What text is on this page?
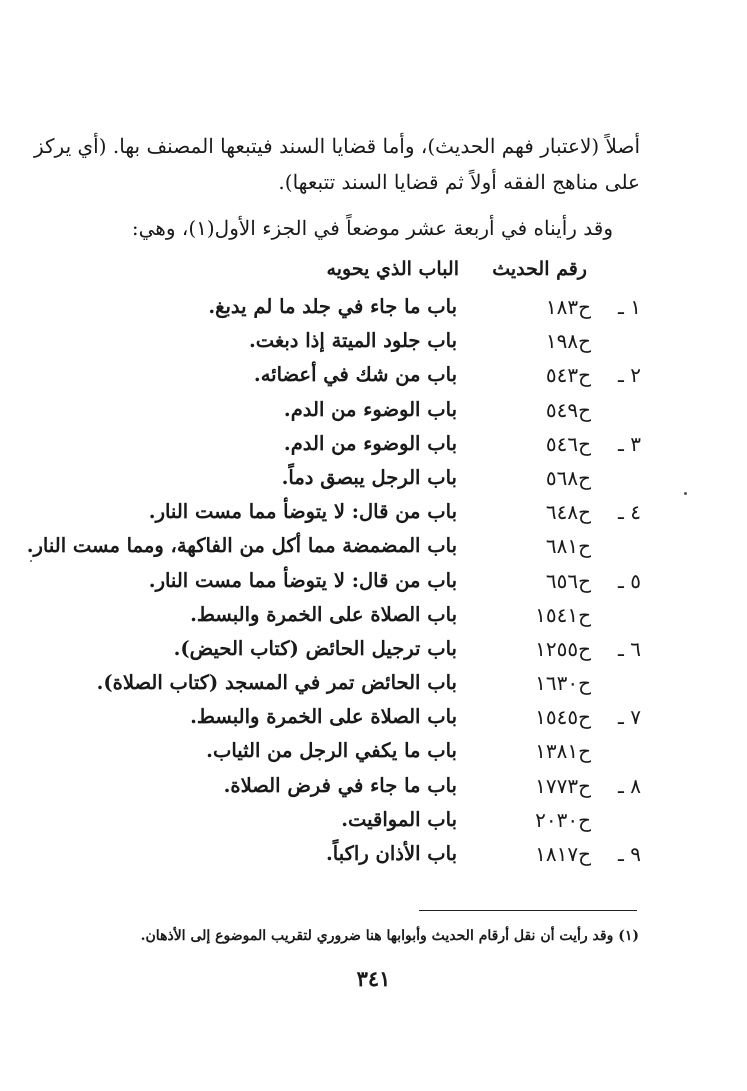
أصلاً (لاعتبار فهم الحديث)، وأما قضايا السند فيتبعها المصنف بها. (أي يركز
على مناهج الفقه أولاً ثم قضايا السند تتبعها).
وقد رأيناه في أربعة عشر موضعاً في الجزء الأول(١)، وهي:
رقم الحديث
الباب الذي يحويه
١ ـ
ح١٨٣
باب ما جاء في جلد ما لم يدبغ.
ح١٩٨
باب جلود الميتة إذا دبغت.
٢ ـ
ح٥٤٣
باب من شك في أعضائه.
ح٥٤٩
باب الوضوء من الدم.
٣ ـ
ح٥٤٦
باب الوضوء من الدم.
ح٥٦٨
باب الرجل يبصق دماً.
٤ ـ
ح٦٤٨
باب من قال: لا يتوضأ مما مست النار.
ح٦٨١
باب المضمضة مما أكل من الفاكهة، ومما مست النار.
٥ ـ
ح٦٥٦
باب من قال: لا يتوضأ مما مست النار.
ح١٥٤١
باب الصلاة على الخمرة والبسط.
٦ ـ
ح١٢٥٥
باب ترجيل الحائض (كتاب الحيض).
ح١٦٣٠
باب الحائض تمر في المسجد (كتاب الصلاة).
٧ ـ
ح١٥٤٥
باب الصلاة على الخمرة والبسط.
ح١٣٨١
باب ما يكفي الرجل من الثياب.
٨ ـ
ح١٧٧٣
باب ما جاء في فرض الصلاة.
ح٢٠٣٠
باب المواقيت.
٩ ـ
ح١٨١٧
باب الأذان راكباً.
(١) وقد رأيت أن نقل أرقام الحديث وأبوابها هنا ضروري لتقريب الموضوع إلى الأذهان.
٣٤١
